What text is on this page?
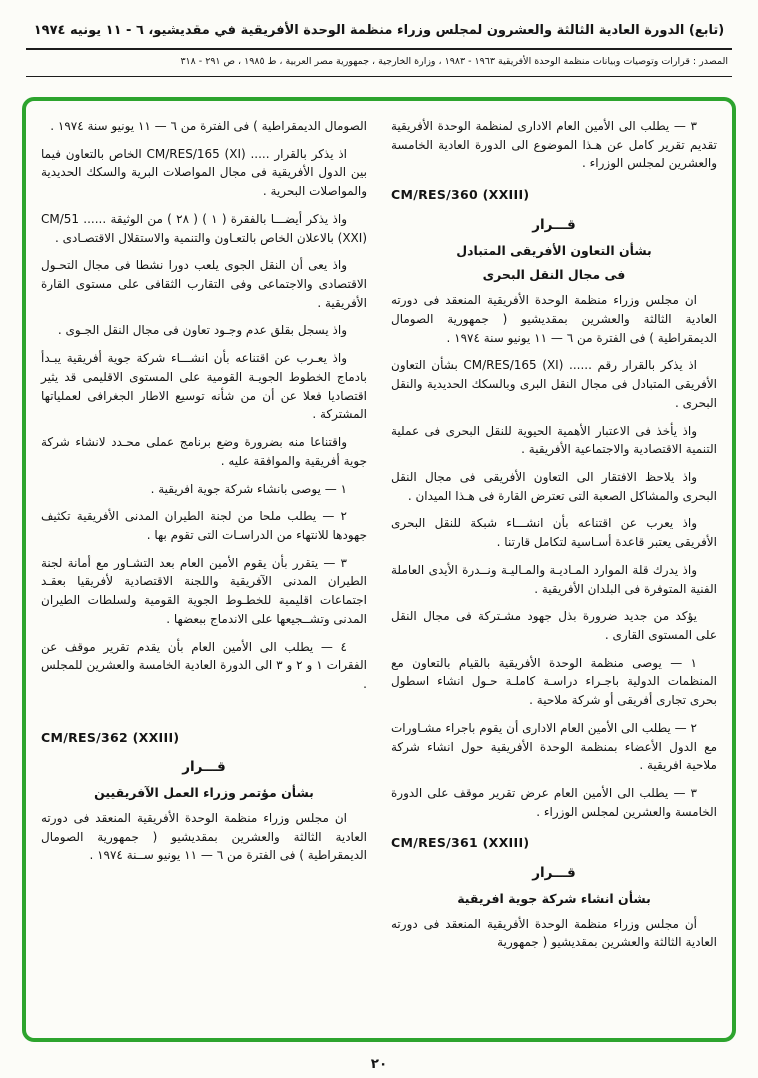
(تابع) الدورة العادية الثالثة والعشرون لمجلس وزراء منظمة الوحدة الأفريقية في مقديشيو، ٦ - ١١ يونيه ١٩٧٤
المصدر : قرارات وتوصيات وبيانات منظمة الوحدة الأفريقية ١٩٦٣ - ١٩٨٣ ، وزارة الخارجية ، جمهورية مصر العربية ، ط ١٩٨٥ ، ص ٢٩١ - ٣١٨

٣ — يطلب الى الأمين العام الادارى لمنظمة الوحدة الأفريقية تقديم تقرير كامل عن هـذا الموضوع الى الدورة العادية الخامسة والعشرين لمجلس الوزراء .

CM/RES/360 (XXIII)
قـــرار
بشأن التعاون الأفريقى المتبادل
فى مجال النقل البحرى

ان مجلس وزراء منظمة الوحدة الأفريقية المنعقد فى دورته العادية الثالثة والعشرين بمقديشيو ( جمهورية الصومال الديمقراطية ) فى الفترة من ٦ — ١١ يونيو سنة ١٩٧٤ .

اذ يذكر بالقرار رقم ...... CM/RES/165 (XI) بشأن التعاون الأفريقى المتبادل فى مجال النقل البرى وبالسكك الحديدية والنقل البحرى .

واذ يأخذ فى الاعتبار الأهمية الحيوية للنقل البحرى فى عملية التنمية الاقتصادية والاجتماعية الأفريقية .

واذ يلاحظ الافتقار الى التعاون الأفريقى فى مجال النقل البحرى والمشاكل الصعبة التى تعترض القارة فى هـذا الميدان .

واذ يعرب عن اقتناعه بأن انشـــاء شبكة للنقل البحرى الأفريقى يعتبر قاعدة أسـاسية لتكامل قارتنا .

واذ يدرك قلة الموارد المـاديـة والمـاليـة ونــدرة الأيدى العاملة الفنية المتوفرة فى البلدان الأفريقية .

يؤكد من جديد ضرورة بذل جهود مشـتركة فى مجال النقل على المستوى القارى .

١ — يوصى منظمة الوحدة الأفريقية بالقيام بالتعاون مع المنظمات الدولية باجـراء دراسـة كاملـة حـول انشاء اسطول بحرى تجارى أفريقى أو شركة ملاحية .

٢ — يطلب الى الأمين العام الادارى أن يقوم باجراء مشـاورات مع الدول الأعضاء بمنظمة الوحدة الأفريقية حول انشاء شركة ملاحية افريقية .

٣ — يطلب الى الأمين العام عرض تقرير موقف على الدورة الخامسة والعشرين لمجلس الوزراء .

CM/RES/361 (XXIII)
قـــرار
بشأن انشاء شركة جوية افريقية

أن مجلس وزراء منظمة الوحدة الأفريقية المنعقد فى دورته العادية الثالثة والعشرين بمقديشيو ( جمهورية

الصومال الديمقراطية ) فى الفترة من ٦ — ١١ يونيو سنة ١٩٧٤ .

اذ يذكر بالقرار ..... CM/RES/165 (XI) الخاص بالتعاون فيما بين الدول الأفريقية فى مجال المواصلات البرية والسكك الحديدية والمواصلات البحرية .

واذ يذكر أيضـــا بالفقرة ( ١ ) ( ٢٨ ) من الوثيقة ...... CM/51 (XXI) بالاعلان الخاص بالتعـاون والتنمية والاستقلال الاقتصـادى .

واذ يعى أن النقل الجوى يلعب دورا نشطا فى مجال التحـول الاقتصادى والاجتماعى وفى التقارب الثقافى على مستوى القارة الأفريقية .

واذ يسجل بقلق عدم وجـود تعاون فى مجال النقل الجـوى .

واذ يعـرب عن اقتناعه بأن انشـــاء شركة جوية أفريقية يبـدأ بادماج الخطوط الجويـة القومية على المستوى الاقليمى قد يثير اقتصاديا فعلا عن أن من شأنه توسيع الاطار الجغرافى لعملياتها المشتركة .

واقتناعا منه بضرورة وضع برنامج عملى محـدد لانشاء شركة جوية أفريقية والموافقة عليه .

١ — يوصى بانشاء شركة جوية افريقية .

٢ — يطلب ملحا من لجنة الطيران المدنى الأفريقية تكثيف جهودها للانتهاء من الدراسـات التى تقوم بها .

٣ — يتقرر بأن يقوم الأمين العام بعد التشـاور مع أمانة لجنة الطيران المدنى الآفريقية واللجنة الاقتصادية لأفريقيا بعقـد اجتماعات اقليمية للخطـوط الجوية القومية ولسلطات الطيران المدنى وتشــجيعها على الاندماج ببعضها .

٤ — يطلب الى الأمين العام بأن يقدم تقرير موقف عن الفقرات ١ و ٢ و ٣ الى الدورة العادية الخامسة والعشرين للمجلس .

CM/RES/362 (XXIII)
قـــرار
بشأن مؤتمر وزراء العمل الآفريقيين

ان مجلس وزراء منظمة الوحدة الأفريقية المنعقد فى دورته العادية الثالثة والعشرين بمقديشيو ( جمهورية الصومال الديمقراطية ) فى الفترة من ٦ — ١١ يونيو ســنة ١٩٧٤ .

٢٠
